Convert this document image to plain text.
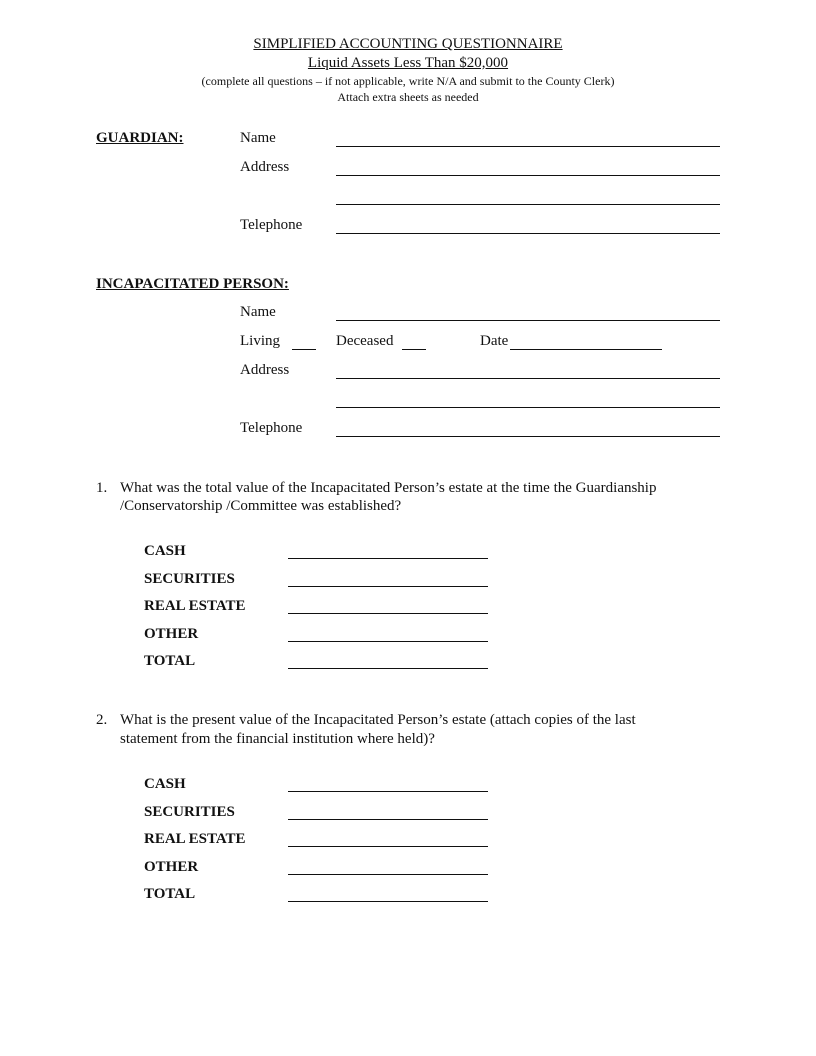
SIMPLIFIED ACCOUNTING QUESTIONNAIRE
Liquid Assets Less Than $20,000
(complete all questions – if not applicable, write N/A and submit to the County Clerk)
Attach extra sheets as needed
GUARDIAN:	Name
Address
Telephone
INCAPACITATED PERSON:
Name
Living	Deceased	Date
Address
Telephone
1. What was the total value of the Incapacitated Person’s estate at the time the Guardianship
/Conservatorship /Committee was established?
CASH
SECURITIES
REAL ESTATE
OTHER
TOTAL
2. What is the present value of the Incapacitated Person’s estate (attach copies of the last
statement from the financial institution where held)?
CASH
SECURITIES
REAL ESTATE
OTHER
TOTAL
